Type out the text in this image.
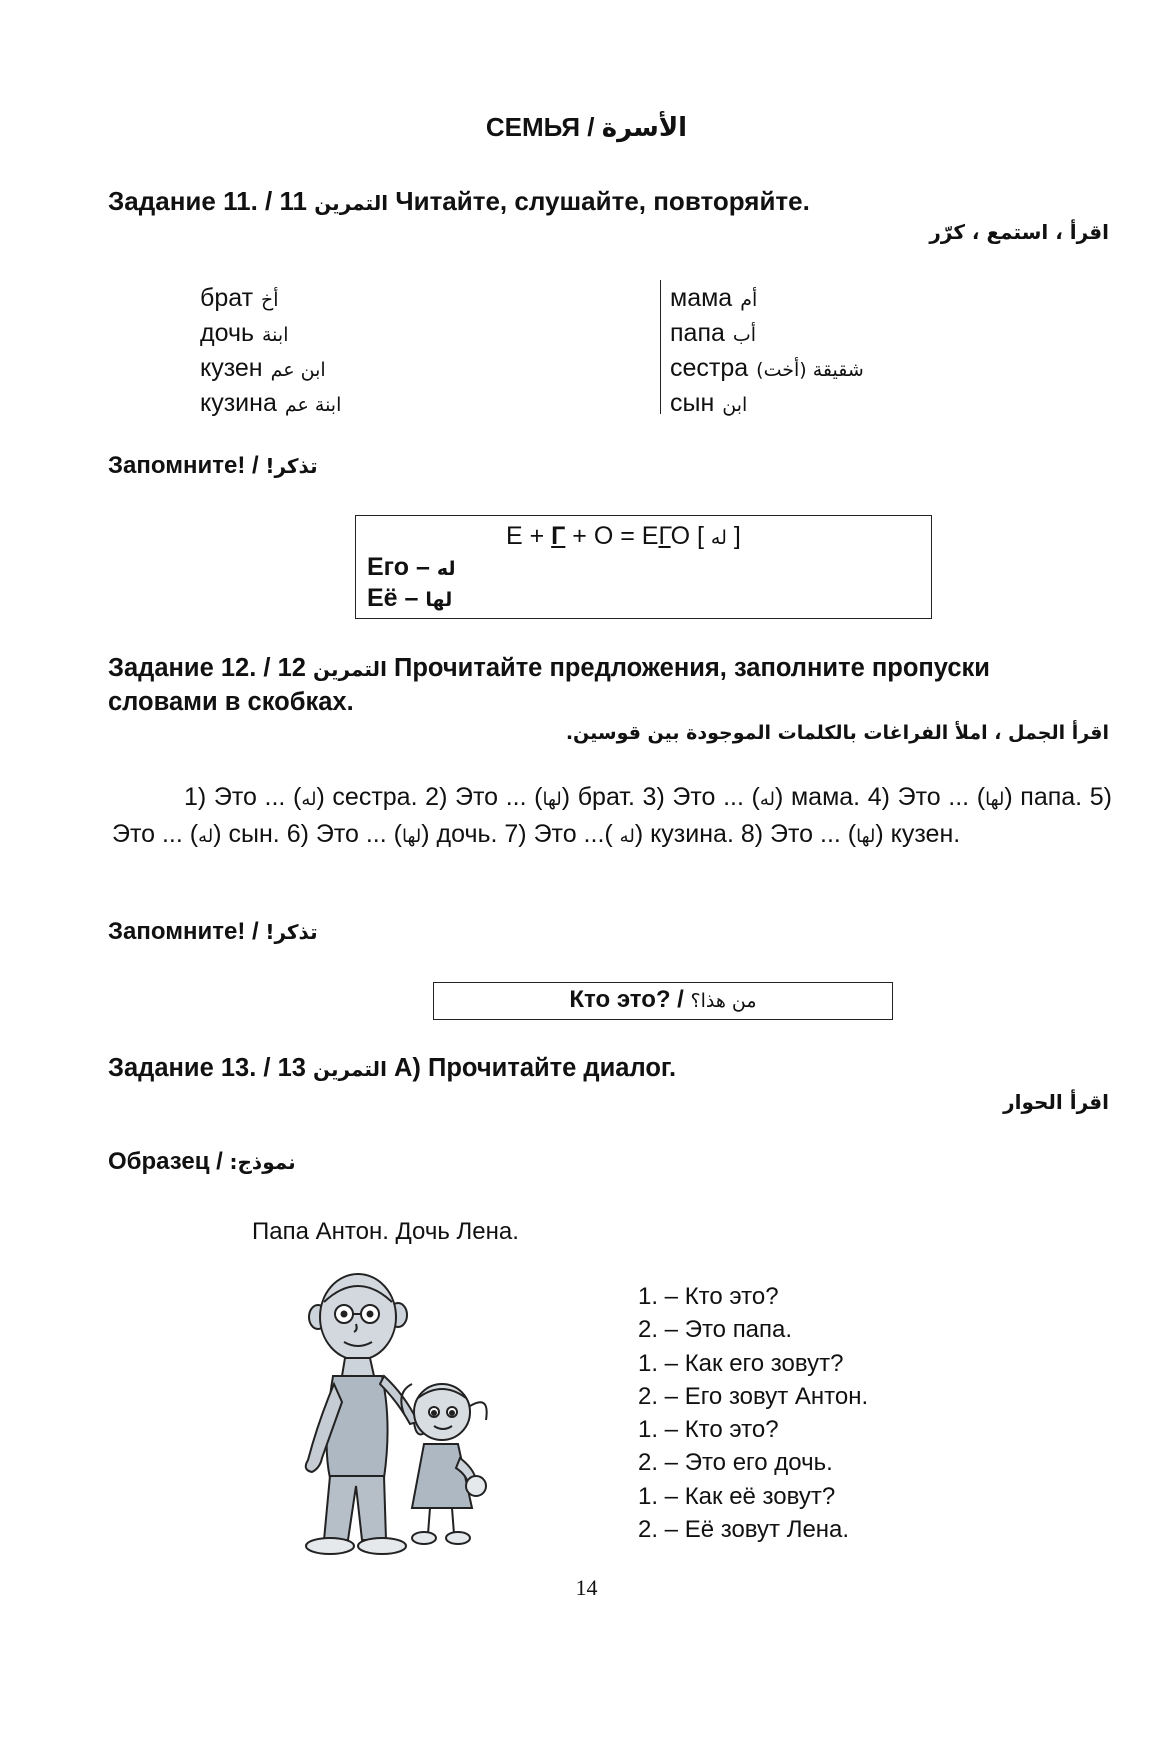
СЕМЬЯ / الأسرة
Задание 11. / 11 التمرين Читайте, слушайте, повторяйте.
اقرأ ، استمع ، كرّر
брат أخ
дочь ابنة
кузен ابن عم
кузина ابنة عم
мама أم
папа أب
сестра شقيقة (أخت)
сын ابن
Запомните! / تذكر!
Е + Г + О = ЕГО [ له ]
Его – له
Её – لها
Задание 12. / 12 التمرين Прочитайте предложения, заполните пропуски
словами в скобках.
اقرأ الجمل ، املأ الفراغات بالكلمات الموجودة بين قوسين.
1) Это ... (له) сестра. 2) Это ... (لها) брат. 3) Это ... (له) мама. 4) Это ... (لها) папа. 5) Это ... (له) сын. 6) Это ... (لها) дочь. 7) Это ...( له) кузина. 8) Это ... (لها) кузен.
Запомните! / تذكر!
Кто это? / من هذا؟
Задание 13. / 13 التمرين А) Прочитайте диалог.
اقرأ الحوار
Образец / نموذج:
Папа Антон. Дочь Лена.
1. – Кто это?
2. – Это папа.
1. – Как его зовут?
2. – Его зовут Антон.
1. – Кто это?
2. – Это его дочь.
1. – Как её зовут?
2. – Её зовут Лена.
14
